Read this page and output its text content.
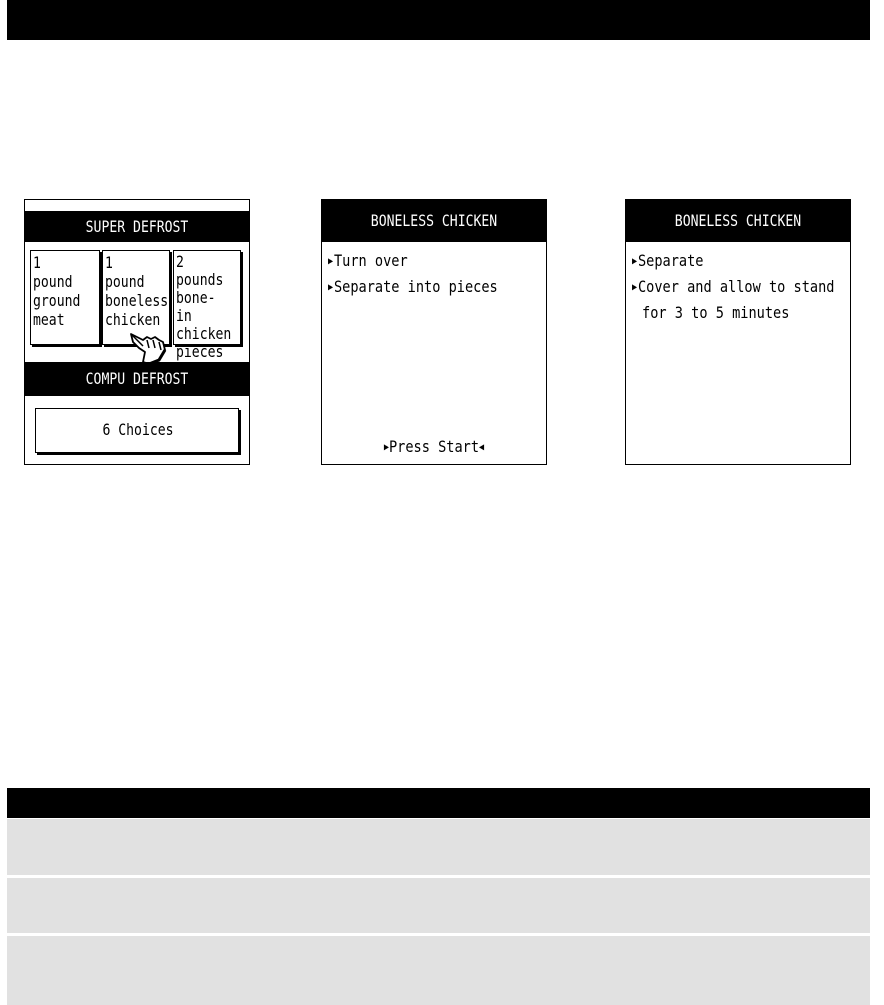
SUPER DEFROST
1 pound
ground
meat
1 pound
boneless
chicken
2 pounds
bone-in
chicken
pieces
COMPU DEFROST
6 Choices
BONELESS CHICKEN
▶Turn over
▶Separate into pieces
▶Press Start◀
BONELESS CHICKEN
▶Separate
▶Cover and allow to stand
for 3 to 5 minutes
